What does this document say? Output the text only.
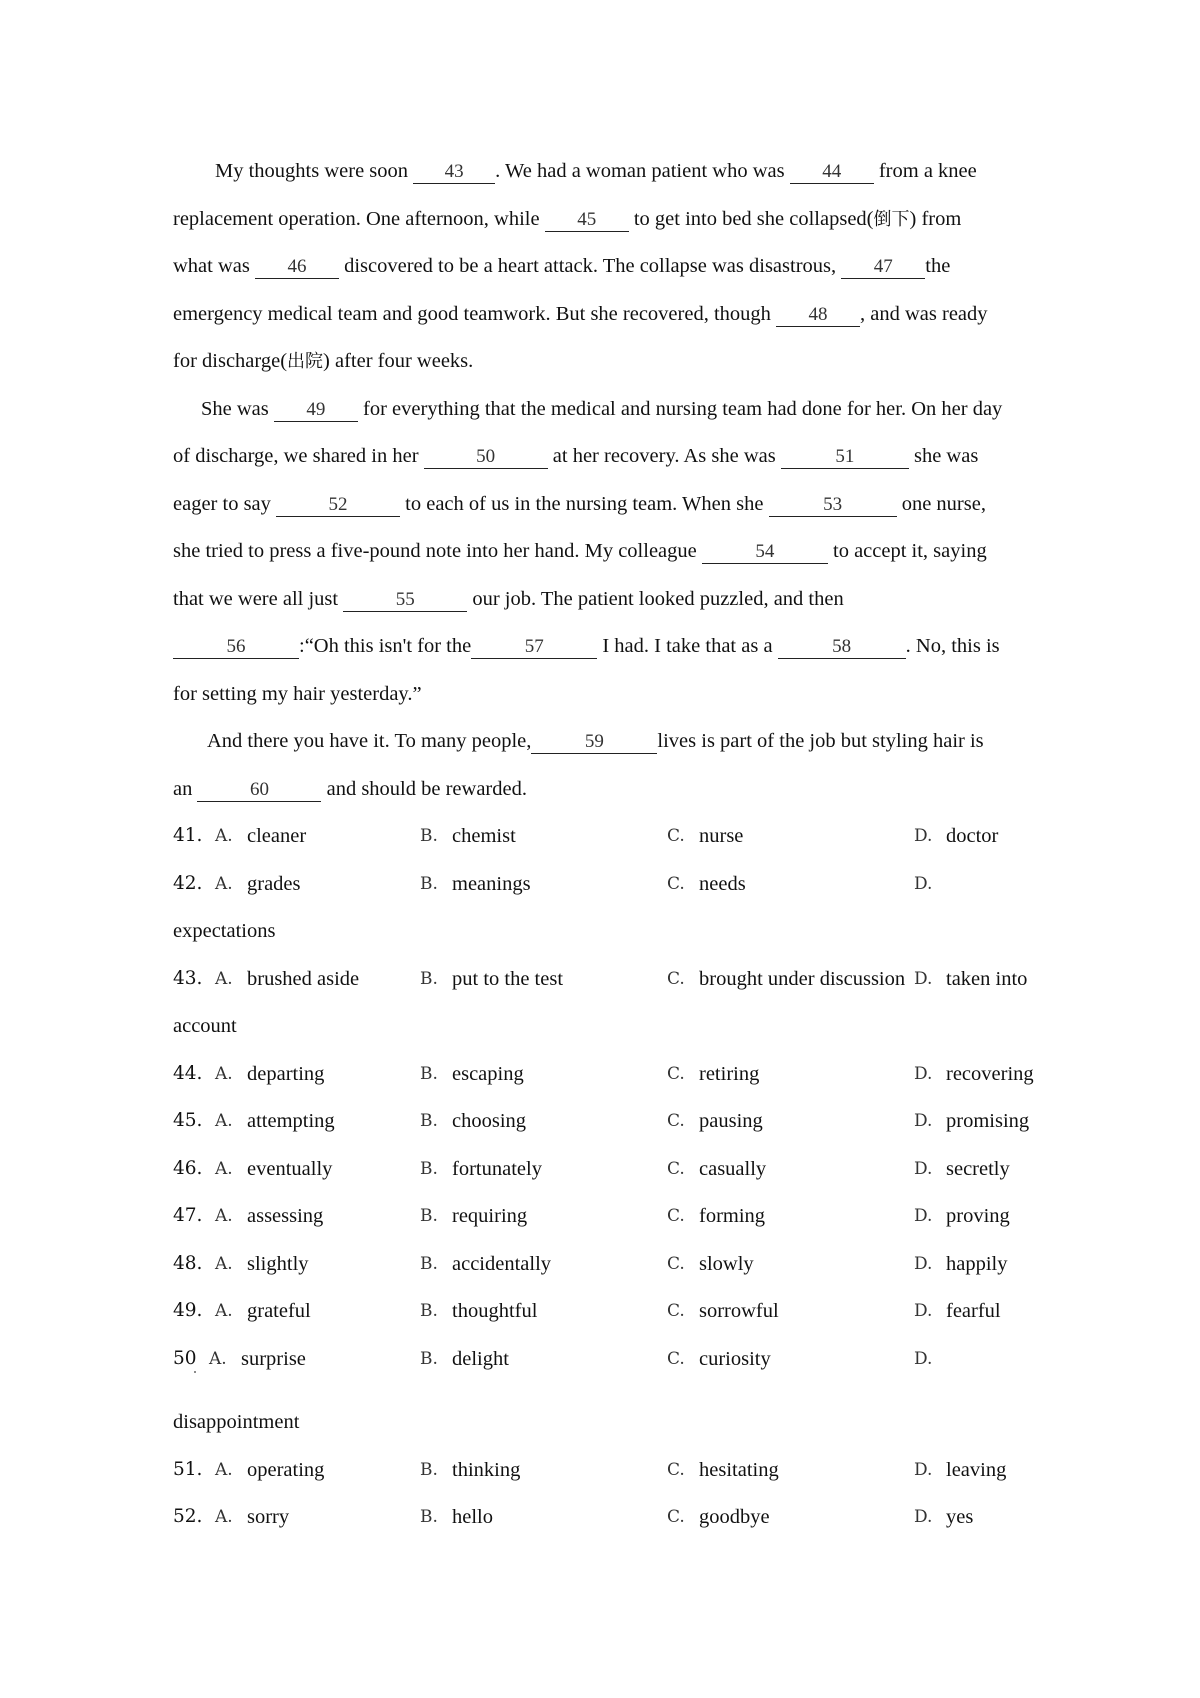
My thoughts were soon 43 . We had a woman patient who was 44 from a knee
replacement operation. One afternoon, while 45 to get into bed she collapsed(倒下) from
what was 46 discovered to be a heart attack. The collapse was disastrous, 47 the
emergency medical team and good teamwork. But she recovered, though 48 , and was ready
for discharge(出院) after four weeks.
She was 49 for everything that the medical and nursing team had done for her. On her day
of discharge, we shared in her	50	at her recovery. As she was	51	she was
eager to say	52	to each of us in the nursing team. When she	53	one nurse,
she tried to press a five-pound note into her hand. My colleague	54	to accept it, saying
that we were all just	55	our job. The patient looked puzzled, and then
56	:“Oh this isn't for the	57	I had. I take that as a	58	. No, this is
for setting my hair yesterday.”
And there you have it. To many people,	59	lives is part of the job but styling hair is
an	60	and should be rewarded.
41. A. cleaner	B. chemist	C. nurse	D. doctor
42. A. grades	B. meanings	C. needs	D.
expectations
43. A. brushed aside	B. put to the test	C. brought under discussion D. taken into
account
44. A. departing	B. escaping	C. retiring	D. recovering
45. A. attempting	B. choosing	C. pausing	D. promising
46. A. eventually	B. fortunately	C. casually	D. secretly
47. A. assessing	B. requiring	C. forming	D. proving
48. A. slightly	B. accidentally	C. slowly	D. happily
49. A. grateful	B. thoughtful	C. sorrowful	D. fearful
50 A. surprise	B. delight	C. curiosity	D.
disappointment
51. A. operating	B. thinking	C. hesitating	D. leaving
52. A. sorry	B. hello	C. goodbye	D. yes
